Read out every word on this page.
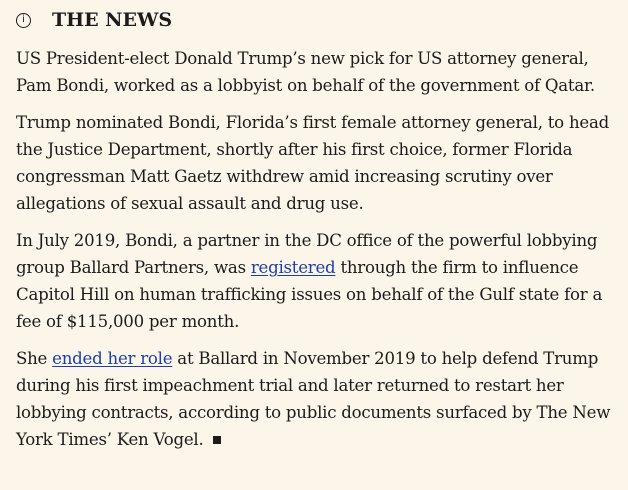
i	THE NEWS

US President-elect Donald Trump’s new pick for US attorney general, Pam Bondi, worked as a lobbyist on behalf of the government of Qatar.

Trump nominated Bondi, Florida’s first female attorney general, to head the Justice Department, shortly after his first choice, former Florida congressman Matt Gaetz withdrew amid increasing scrutiny over allegations of sexual assault and drug use.

In July 2019, Bondi, a partner in the DC office of the powerful lobbying group Ballard Partners, was registered through the firm to influence Capitol Hill on human trafficking issues on behalf of the Gulf state for a fee of $115,000 per month.

She ended her role at Ballard in November 2019 to help defend Trump during his first impeachment trial and later returned to restart her lobbying contracts, according to public documents surfaced by The New York Times’ Ken Vogel.
